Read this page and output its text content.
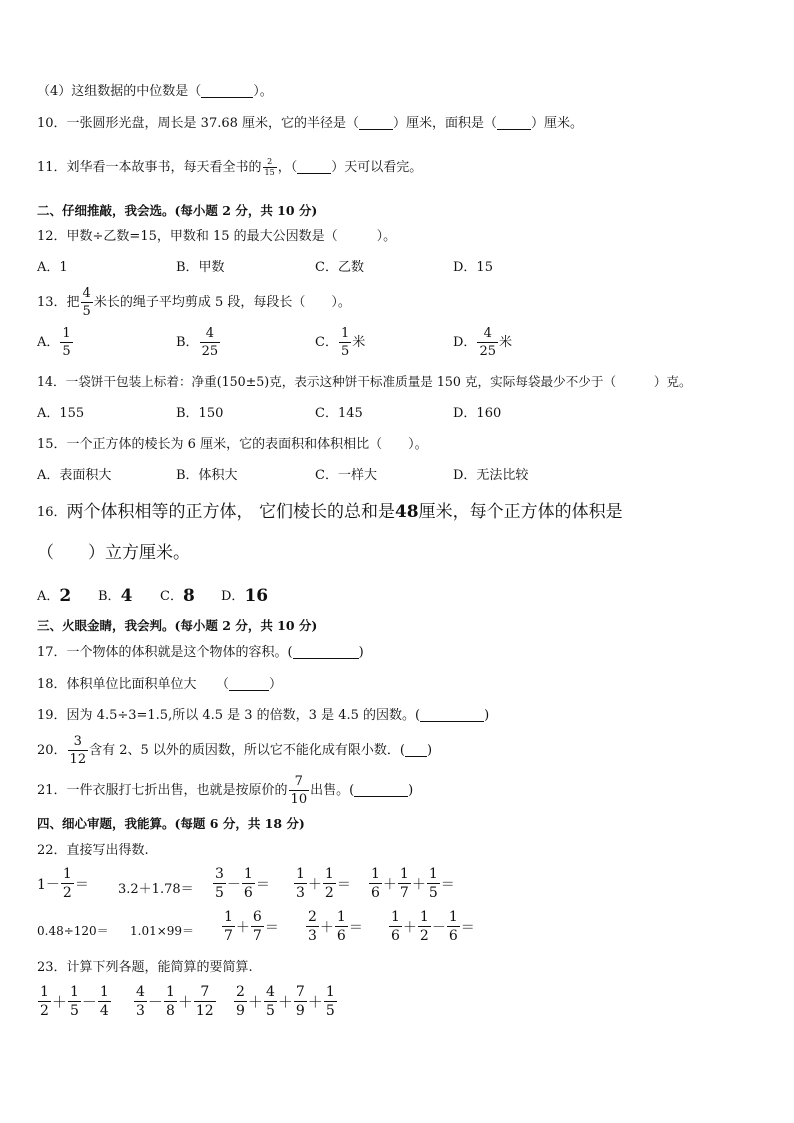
（4）这组数据的中位数是（	）。
10．一张圆形光盘，周长是 37.68 厘米，它的半径是（	）厘米，面积是（	）厘米。
11．刘华看一本故事书，每天看全书的 $\frac{2}{15}$ ，（	）天可以看完。
二、仔细推敲，我会选。(每小题 2 分，共 10 分)
12．甲数÷乙数=15，甲数和 15 的最大公因数是（　　　）。
A．1	B．甲数	C．乙数	D．15
13．把 $\frac{4}{5}$ 米长的绳子平均剪成 5 段，每段长（　　）。
A． $\frac{1}{5}$	B． $\frac{4}{25}$	C． $\frac{1}{5}$ 米	D． $\frac{4}{25}$ 米
14．一袋饼干包装上标着：净重(150±5)克，表示这种饼干标准质量是 150 克，实际每袋最少不少于（　　　）克。
A．155	B．150	C．145	D．160
15．一个正方体的棱长为 6 厘米，它的表面积和体积相比（　　）。
A．表面积大	B．体积大	C．一样大	D．无法比较
16． 两个体积相等的正方体， 它们棱长的总和是 48 厘米，每个正方体的体积是
（　　）立方厘米。
A． 2 B． 4 C． 8 D． 16
三、火眼金睛，我会判。(每小题 2 分，共 10 分)
17．一个物体的体积就是这个物体的容积。(	)
18．体积单位比面积单位大　　（	）
19．因为 4.5÷3=1.5,所以 4.5 是 3 的倍数，3 是 4.5 的因数。(	)
20． $\frac{3}{12}$ 含有 2、5 以外的质因数，所以它不能化成有限小数．( )
21．一件衣服打七折出售，也就是按原价的 $\frac{7}{10}$ 出售。(	)
四、细心审题，我能算。(每题 6 分，共 18 分)
22．直接写出得数.
$1- \frac{1}{2} = 3.2+1.78= \frac{3}{5} - \frac{1}{6} = \frac{1}{3} + \frac{1}{2} = \frac{1}{6} + \frac{1}{7} + \frac{1}{5}$ ＝
$0.48\div 120= 1.01\times 99= \frac{1}{7} + \frac{6}{7} = \frac{2}{3} + \frac{1}{6} = \frac{1}{6} + \frac{1}{2} - \frac{1}{6}$ ＝
23．计算下列各题，能简算的要简算.
$\frac{1}{2} + \frac{1}{5} - \frac{1}{4} \frac{4}{3} - \frac{1}{8} + \frac{7}{12} \frac{2}{9} + \frac{4}{5} + \frac{7}{9} + \frac{1}{5}$
